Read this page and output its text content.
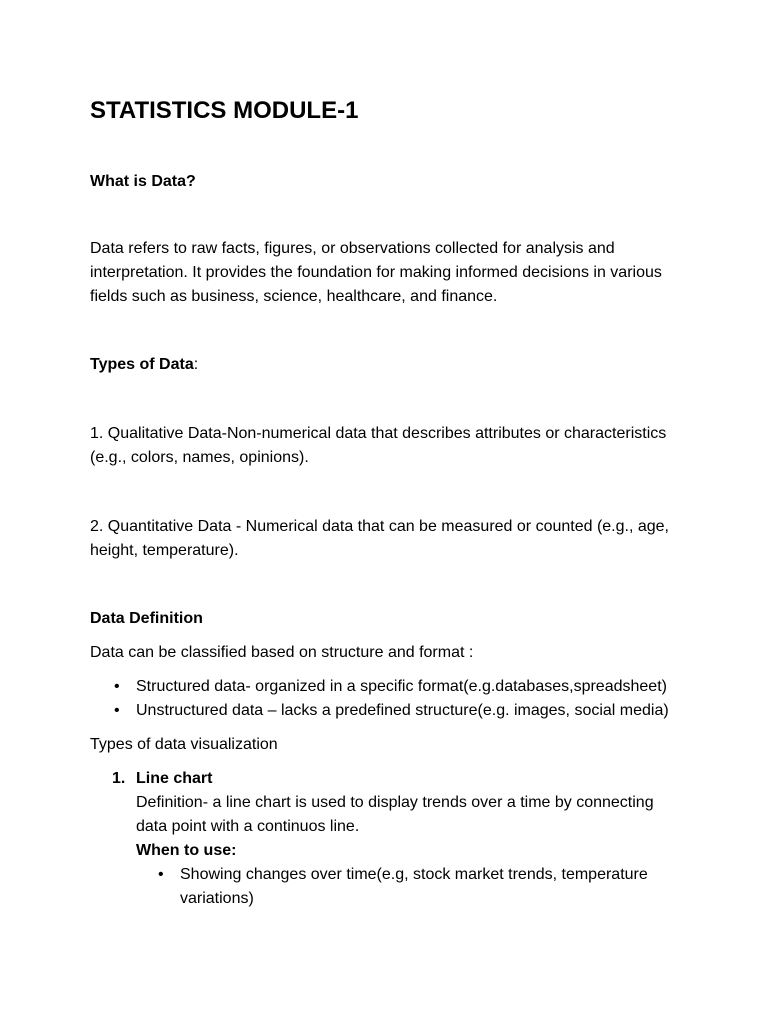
STATISTICS MODULE-1

What is Data?

Data refers to raw facts, figures, or observations collected for analysis and interpretation. It provides the foundation for making informed decisions in various fields such as business, science, healthcare, and finance.

Types of Data:

1. Qualitative Data-Non-numerical data that describes attributes or characteristics (e.g., colors, names, opinions).

2. Quantitative Data - Numerical data that can be measured or counted (e.g., age, height, temperature).

Data Definition

Data can be classified based on structure and format :

• Structured data- organized in a specific format(e.g.databases,spreadsheet)
• Unstructured data – lacks a predefined structure(e.g. images, social media)

Types of data visualization

1. Line chart
Definition- a line chart is used to display trends over a time by connecting data point with a continuos line.
When to use:
• Showing changes over time(e.g, stock market trends, temperature variations)
